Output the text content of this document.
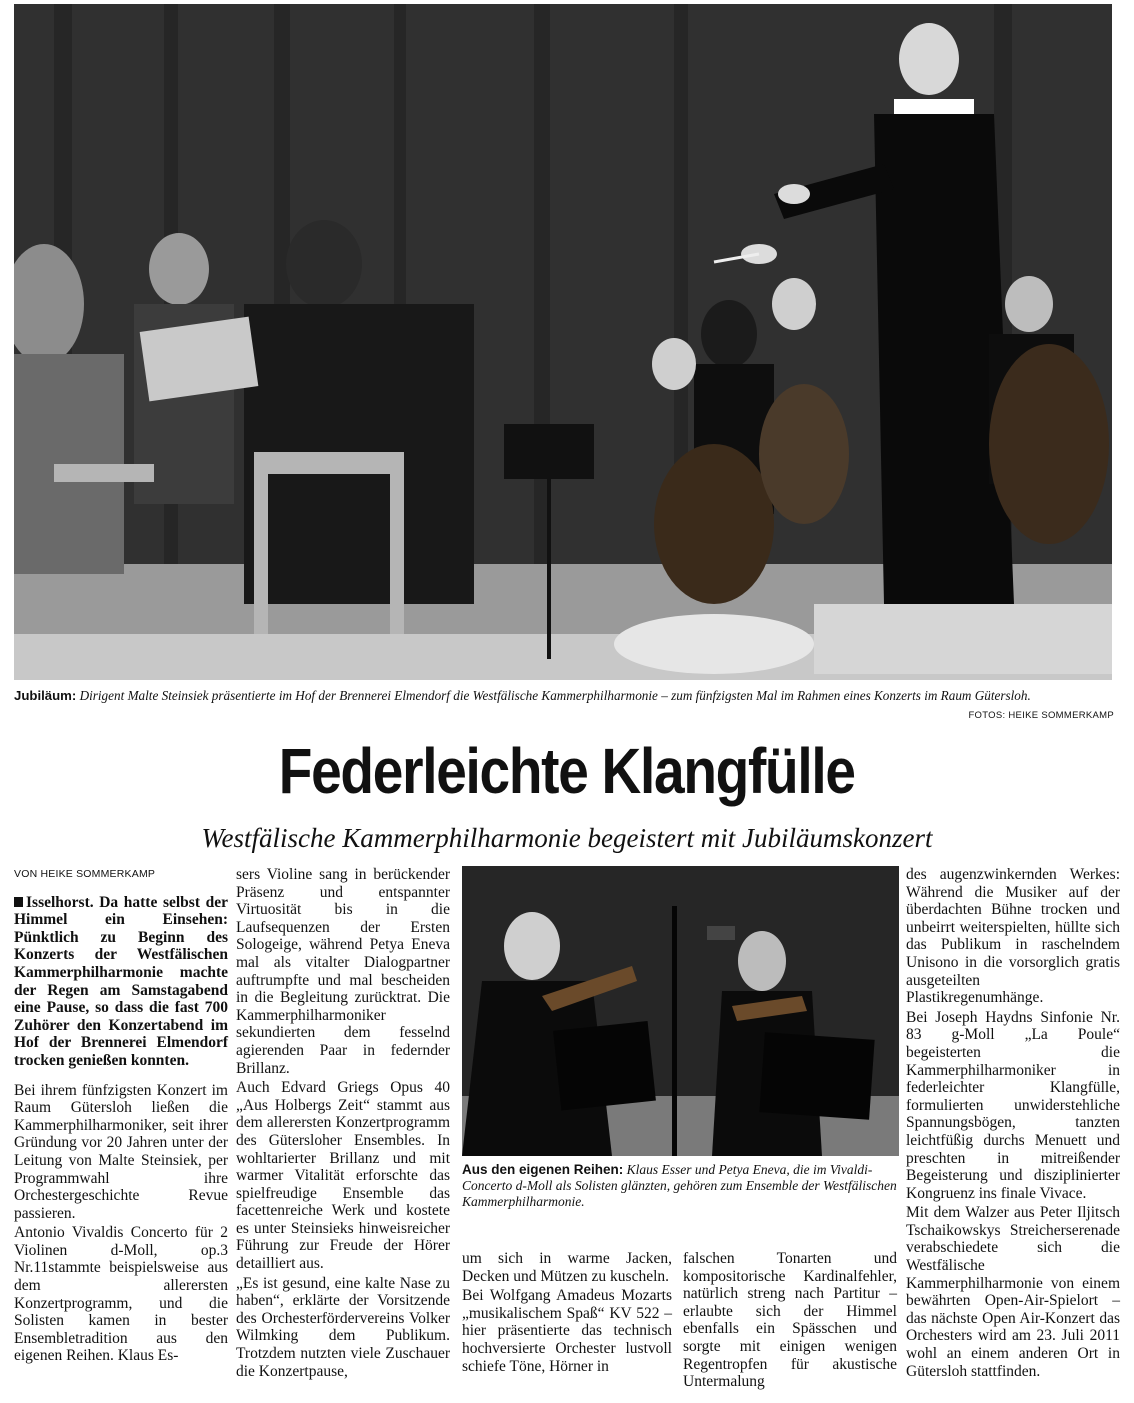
Jubiläum: Dirigent Malte Steinsiek präsentierte im Hof der Brennerei Elmendorf die Westfälische Kammerphilharmonie – zum fünfzigsten Mal im Rahmen eines Konzerts im Raum Gütersloh.
FOTOS: HEIKE SOMMERKAMP
Federleichte Klangfülle
Westfälische Kammerphilharmonie begeistert mit Jubiläumskonzert
VON HEIKE SOMMERKAMP

Isselhorst. Da hatte selbst der Himmel ein Einsehen: Pünktlich zu Beginn des Konzerts der Westfälischen Kammerphilharmonie machte der Regen am Samstagabend eine Pause, so dass die fast 700 Zuhörer den Konzertabend im Hof der Brennerei Elmendorf trocken genießen konnten.

Bei ihrem fünfzigsten Konzert im Raum Gütersloh ließen die Kammerphilharmoniker, seit ihrer Gründung vor 20 Jahren unter der Leitung von Malte Steinsiek, per Programmwahl ihre Orchestergeschichte Revue passieren.

Antonio Vivaldis Concerto für 2 Violinen d-Moll, op.3 Nr.11stammte beispielsweise aus dem allerersten Konzertprogramm, und die Solisten kamen in bester Ensembletradition aus den eigenen Reihen. Klaus Es-

sers Violine sang in berückender Präsenz und entspannter Virtuosität bis in die Laufsequenzen der Ersten Sologeige, während Petya Eneva mal als vitalter Dialogpartner auftrumpfte und mal bescheiden in die Begleitung zurücktrat. Die Kammerphilharmoniker sekundierten dem fesselnd agierenden Paar in federnder Brillanz.

Auch Edvard Griegs Opus 40 „Aus Holbergs Zeit“ stammt aus dem allerersten Konzertprogramm des Gütersloher Ensembles. In wohltarierter Brillanz und mit warmer Vitalität erforschte das spielfreudige Ensemble das facettenreiche Werk und kostete es unter Steinsieks hinweisreicher Führung zur Freude der Hörer detailliert aus.

„Es ist gesund, eine kalte Nase zu haben“, erklärte der Vorsitzende des Orchesterfördervereins Volker Wilmking dem Publikum. Trotzdem nutzten viele Zuschauer die Konzertpause,

Aus den eigenen Reihen: Klaus Esser und Petya Eneva, die im Vivaldi-Concerto d-Moll als Solisten glänzten, gehören zum Ensemble der Westfälischen Kammerphilharmonie.

um sich in warme Jacken, Decken und Mützen zu kuscheln.

Bei Wolfgang Amadeus Mozarts „musikalischem Spaß“ KV 522 – hier präsentierte das technisch hochversierte Orchester lustvoll schiefe Töne, Hörner in

falschen Tonarten und kompositorische Kardinalfehler, natürlich streng nach Partitur – erlaubte sich der Himmel ebenfalls ein Spässchen und sorgte mit einigen wenigen Regentropfen für akustische Untermalung

des augenzwinkernden Werkes: Während die Musiker auf der überdachten Bühne trocken und unbeirrt weiterspielten, hüllte sich das Publikum in raschelndem Unisono in die vorsorglich gratis ausgeteilten Plastikregenumhänge.

Bei Joseph Haydns Sinfonie Nr. 83 g-Moll „La Poule“ begeisterten die Kammerphilharmoniker in federleichter Klangfülle, formulierten unwiderstehliche Spannungsbögen, tanzten leichtfüßig durchs Menuett und preschten in mitreißender Begeisterung und disziplinierter Kongruenz ins finale Vivace.

Mit dem Walzer aus Peter Iljitsch Tschaikowskys Streicherserenade verabschiedete sich die Westfälische Kammerphilharmonie von einem bewährten Open-Air-Spielort – das nächste Open Air-Konzert das Orchesters wird am 23. Juli 2011 wohl an einem anderen Ort in Gütersloh stattfinden.
